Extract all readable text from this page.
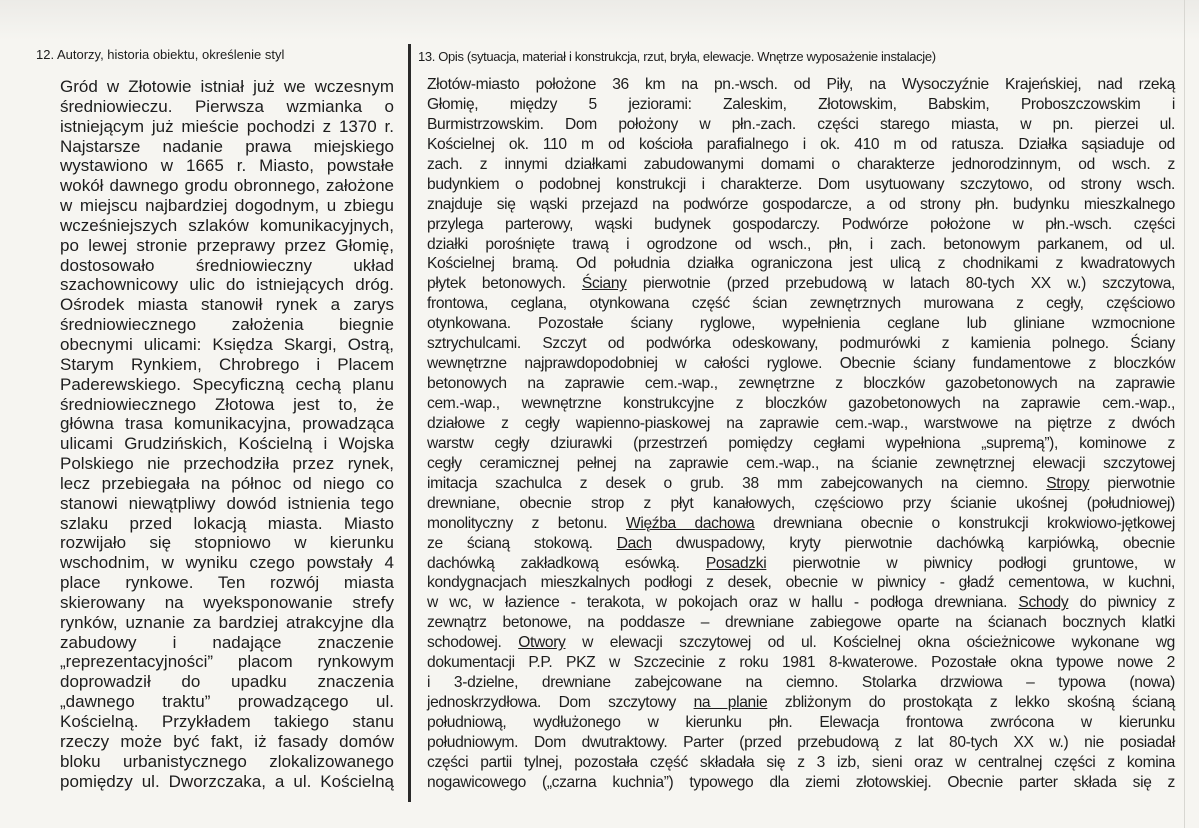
12. Autorzy, historia obiektu, określenie styl	13. Opis (sytuacja, materiał i konstrukcja, rzut, bryła, elewacje. Wnętrze wyposażenie instalacje)
Gród w Złotowie istniał już we wczesnym
średniowieczu. Pierwsza wzmianka o
istniejącym już mieście pochodzi z 1370 r.
Najstarsze nadanie prawa miejskiego
wystawiono w 1665 r. Miasto, powstałe
wokół dawnego grodu obronnego, założone
w miejscu najbardziej dogodnym, u zbiegu
wcześniejszych szlaków komunikacyjnych,
po lewej stronie przeprawy przez Głomię,
dostosowało średniowieczny układ
szachownicowy ulic do istniejących dróg.
Ośrodek miasta stanowił rynek a zarys
średniowiecznego założenia biegnie
obecnymi ulicami: Księdza Skargi, Ostrą,
Starym Rynkiem, Chrobrego i Placem
Paderewskiego. Specyficzną cechą planu
średniowiecznego Złotowa jest to, że
główna trasa komunikacyjna, prowadząca
ulicami Grudzińskich, Kościelną i Wojska
Polskiego nie przechodziła przez rynek,
lecz przebiegała na północ od niego co
stanowi niewątpliwy dowód istnienia tego
szlaku przed lokacją miasta. Miasto
rozwijało się stopniowo w kierunku
wschodnim, w wyniku czego powstały 4
place rynkowe. Ten rozwój miasta
skierowany na wyeksponowanie strefy
rynków, uznanie za bardziej atrakcyjne dla
zabudowy i nadające znaczenie
„reprezentacyjności” placom rynkowym
doprowadził do upadku znaczenia
„dawnego traktu” prowadzącego ul.
Kościelną. Przykładem takiego stanu
rzeczy może być fakt, iż fasady domów
bloku urbanistycznego zlokalizowanego
pomiędzy ul. Dworzczaka, a ul. Kościelną
Złotów-miasto położone 36 km na pn.-wsch. od Piły, na Wysoczyźnie Krajeńskiej, nad rzeką
Głomię, między 5 jeziorami: Zaleskim, Złotowskim, Babskim, Proboszczowskim i
Burmistrzowskim. Dom położony w płn.-zach. części starego miasta, w pn. pierzei ul.
Kościelnej ok. 110 m od kościoła parafialnego i ok. 410 m od ratusza. Działka sąsiaduje od
zach. z innymi działkami zabudowanymi domami o charakterze jednorodzinnym, od wsch. z
budynkiem o podobnej konstrukcji i charakterze. Dom usytuowany szczytowo, od strony wsch.
znajduje się wąski przejazd na podwórze gospodarcze, a od strony płn. budynku mieszkalnego
przylega parterowy, wąski budynek gospodarczy. Podwórze położone w płn.-wsch. części
działki porośnięte trawą i ogrodzone od wsch., płn, i zach. betonowym parkanem, od ul.
Kościelnej bramą. Od południa działka ograniczona jest ulicą z chodnikami z kwadratowych
płytek betonowych. Ściany pierwotnie (przed przebudową w latach 80-tych XX w.) szczytowa,
frontowa, ceglana, otynkowana część ścian zewnętrznych murowana z cegły, częściowo
otynkowana. Pozostałe ściany ryglowe, wypełnienia ceglane lub gliniane wzmocnione
sztrychulcami. Szczyt od podwórka odeskowany, podmurówki z kamienia polnego. Ściany
wewnętrzne najprawdopodobniej w całości ryglowe. Obecnie ściany fundamentowe z bloczków
betonowych na zaprawie cem.-wap., zewnętrzne z bloczków gazobetonowych na zaprawie
cem.-wap., wewnętrzne konstrukcyjne z bloczków gazobetonowych na zaprawie cem.-wap.,
działowe z cegły wapienno-piaskowej na zaprawie cem.-wap., warstwowe na piętrze z dwóch
warstw cegły dziurawki (przestrzeń pomiędzy cegłami wypełniona „supremą”), kominowe z
cegły ceramicznej pełnej na zaprawie cem.-wap., na ścianie zewnętrznej elewacji szczytowej
imitacja szachulca z desek o grub. 38 mm zabejcowanych na ciemno. Stropy pierwotnie
drewniane, obecnie strop z płyt kanałowych, częściowo przy ścianie ukośnej (południowej)
monolityczny z betonu. Więźba dachowa drewniana obecnie o konstrukcji krokwiowo-jętkowej
ze ścianą stokową. Dach dwuspadowy, kryty pierwotnie dachówką karpiówką, obecnie
dachówką zakładkową esówką. Posadzki pierwotnie w piwnicy podłogi gruntowe, w
kondygnacjach mieszkalnych podłogi z desek, obecnie w piwnicy - gładź cementowa, w kuchni,
w wc, w łazience - terakota, w pokojach oraz w hallu - podłoga drewniana. Schody do piwnicy z
zewnątrz betonowe, na poddasze – drewniane zabiegowe oparte na ścianach bocznych klatki
schodowej. Otwory w elewacji szczytowej od ul. Kościelnej okna ościeżnicowe wykonane wg
dokumentacji P.P. PKZ w Szczecinie z roku 1981 8-kwaterowe. Pozostałe okna typowe nowe 2
i 3-dzielne, drewniane zabejcowane na ciemno. Stolarka drzwiowa – typowa (nowa)
jednoskrzydłowa. Dom szczytowy na planie zbliżonym do prostokąta z lekko skośną ścianą
południową, wydłużonego w kierunku płn. Elewacja frontowa zwrócona w kierunku
południowym. Dom dwutraktowy. Parter (przed przebudową z lat 80-tych XX w.) nie posiadał
części partii tylnej, pozostała część składała się z 3 izb, sieni oraz w centralnej części z komina
nogawicowego („czarna kuchnia”) typowego dla ziemi złotowskiej. Obecnie parter składa się z
